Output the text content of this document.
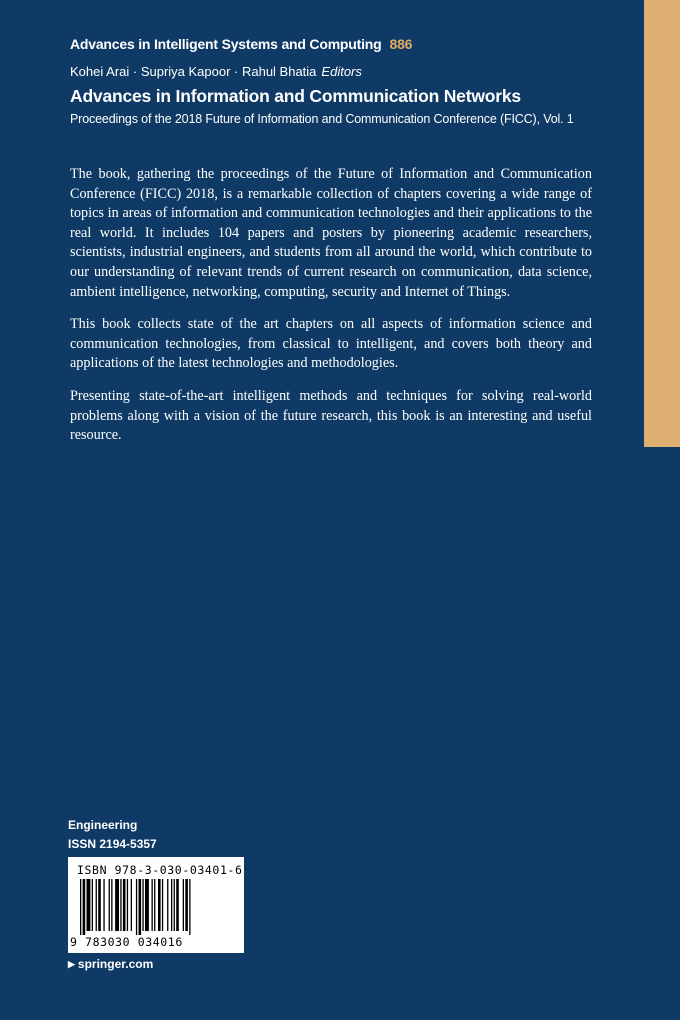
Advances in Intelligent Systems and Computing 886
Kohei Arai · Supriya Kapoor · Rahul Bhatia Editors
Advances in Information and Communication Networks
Proceedings of the 2018 Future of Information and Communication Conference (FICC), Vol. 1

The book, gathering the proceedings of the Future of Information and Communication Conference (FICC) 2018, is a remarkable collection of chapters covering a wide range of topics in areas of information and communication technologies and their applications to the real world. It includes 104 papers and posters by pioneering academic researchers, scientists, industrial engineers, and students from all around the world, which contribute to our understanding of relevant trends of current research on communication, data science, ambient intelligence, networking, computing, security and Internet of Things.

This book collects state of the art chapters on all aspects of information science and communication technologies, from classical to intelligent, and covers both theory and applications of the latest technologies and methodologies.

Presenting state-of-the-art intelligent methods and techniques for solving real-world problems along with a vision of the future research, this book is an interesting and useful resource.

Engineering
ISSN 2194-5357
ISBN 978-3-030-03401-6
9 783030 034016
▶ springer.com
